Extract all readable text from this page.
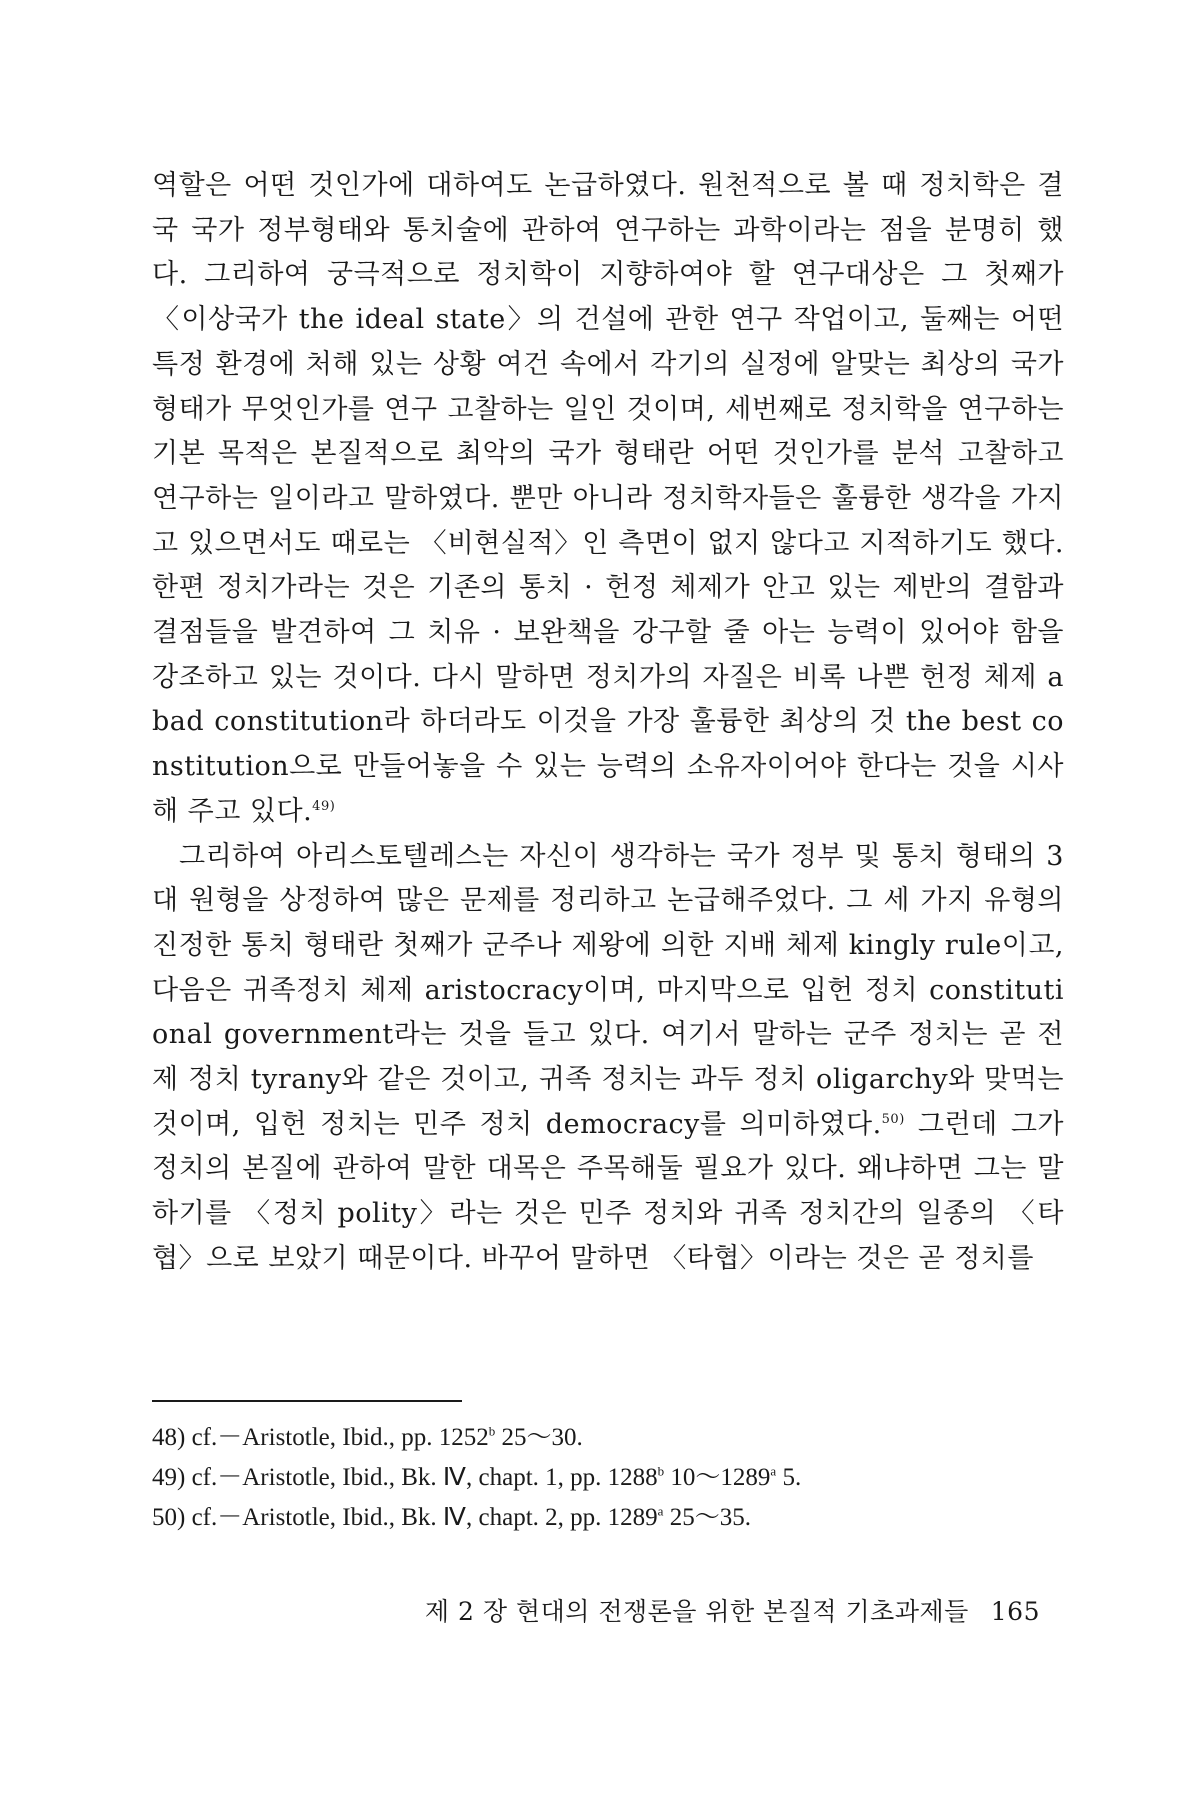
역할은 어떤 것인가에 대하여도 논급하였다. 원천적으로 볼 때 정치학은 결국 국가 정부형태와 통치술에 관하여 연구하는 과학이라는 점을 분명히 했다. 그리하여 궁극적으로 정치학이 지향하여야 할 연구대상은 그 첫째가 〈이상국가 the ideal state〉의 건설에 관한 연구 작업이고, 둘째는 어떤 특정 환경에 처해 있는 상황 여건 속에서 각기의 실정에 알맞는 최상의 국가 형태가 무엇인가를 연구 고찰하는 일인 것이며, 세번째로 정치학을 연구하는 기본 목적은 본질적으로 최악의 국가 형태란 어떤 것인가를 분석 고찰하고 연구하는 일이라고 말하였다. 뿐만 아니라 정치학자들은 훌륭한 생각을 가지고 있으면서도 때로는 〈비현실적〉인 측면이 없지 않다고 지적하기도 했다. 한편 정치가라는 것은 기존의 통치 · 헌정 체제가 안고 있는 제반의 결함과 결점들을 발견하여 그 치유 · 보완책을 강구할 줄 아는 능력이 있어야 함을 강조하고 있는 것이다. 다시 말하면 정치가의 자질은 비록 나쁜 헌정 체제 a bad constitution라 하더라도 이것을 가장 훌륭한 최상의 것 the best constitution으로 만들어놓을 수 있는 능력의 소유자이어야 한다는 것을 시사해 주고 있다.$^{49)}$

그리하여 아리스토텔레스는 자신이 생각하는 국가 정부 및 통치 형태의 3대 원형을 상정하여 많은 문제를 정리하고 논급해주었다. 그 세 가지 유형의 진정한 통치 형태란 첫째가 군주나 제왕에 의한 지배 체제 kingly rule이고, 다음은 귀족정치 체제 aristocracy이며, 마지막으로 입헌 정치 constitutional government라는 것을 들고 있다. 여기서 말하는 군주 정치는 곧 전제 정치 tyrany와 같은 것이고, 귀족 정치는 과두 정치 oligarchy와 맞먹는 것이며, 입헌 정치는 민주 정치 democracy를 의미하였다.$^{50)}$ 그런데 그가 정치의 본질에 관하여 말한 대목은 주목해둘 필요가 있다. 왜냐하면 그는 말하기를 〈정치 polity〉라는 것은 민주 정치와 귀족 정치간의 일종의 〈타협〉으로 보았기 때문이다. 바꾸어 말하면 〈타협〉이라는 것은 곧 정치를

48) cf.－Aristotle, Ibid., pp. 1252$^b$ 25～30.
49) cf.－Aristotle, Ibid., Bk. Ⅳ, chapt. 1, pp. 1288$^b$ 10～1289$^a$ 5.
50) cf.－Aristotle, Ibid., Bk. Ⅳ, chapt. 2, pp. 1289$^a$ 25～35.
제 2 장 현대의 전쟁론을 위한 본질적 기초과제들 165
